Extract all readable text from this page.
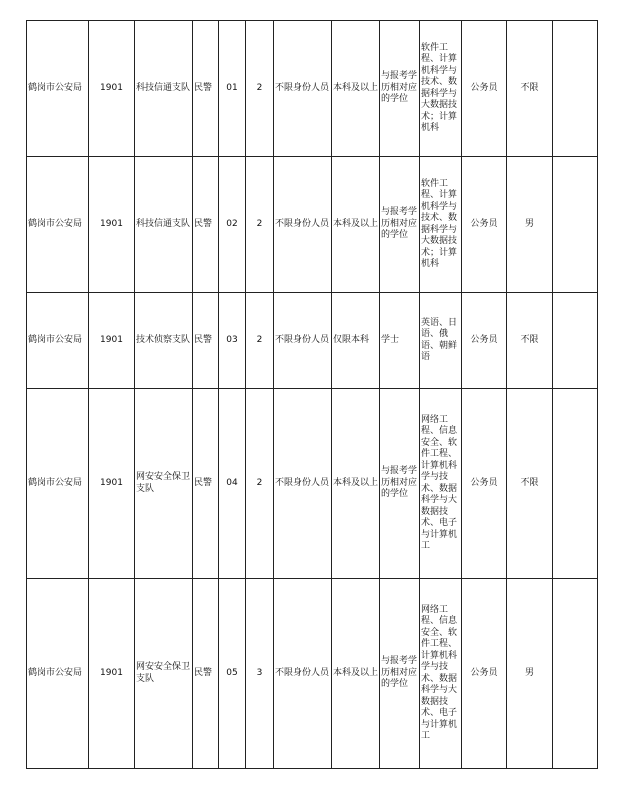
鹤岗市公安局	1901	科技信通支队	民警	01	2	不限身份人员	本科及以上	与报考学历相对应的学位	软件工程、计算机科学与技术、数据科学与大数据技术；计算机科	公务员	不限	
鹤岗市公安局	1901	科技信通支队	民警	02	2	不限身份人员	本科及以上	与报考学历相对应的学位	软件工程、计算机科学与技术、数据科学与大数据技术；计算机科	公务员	男	
鹤岗市公安局	1901	技术侦察支队	民警	03	2	不限身份人员	仅限本科	学士	英语、日语、俄语、朝鲜语	公务员	不限	
鹤岗市公安局	1901	网安安全保卫支队	民警	04	2	不限身份人员	本科及以上	与报考学历相对应的学位	网络工程、信息安全、软件工程、计算机科学与技术、数据科学与大数据技术、电子与计算机工	公务员	不限	
鹤岗市公安局	1901	网安安全保卫支队	民警	05	3	不限身份人员	本科及以上	与报考学历相对应的学位	网络工程、信息安全、软件工程、计算机科学与技术、数据科学与大数据技术、电子与计算机工	公务员	男	
